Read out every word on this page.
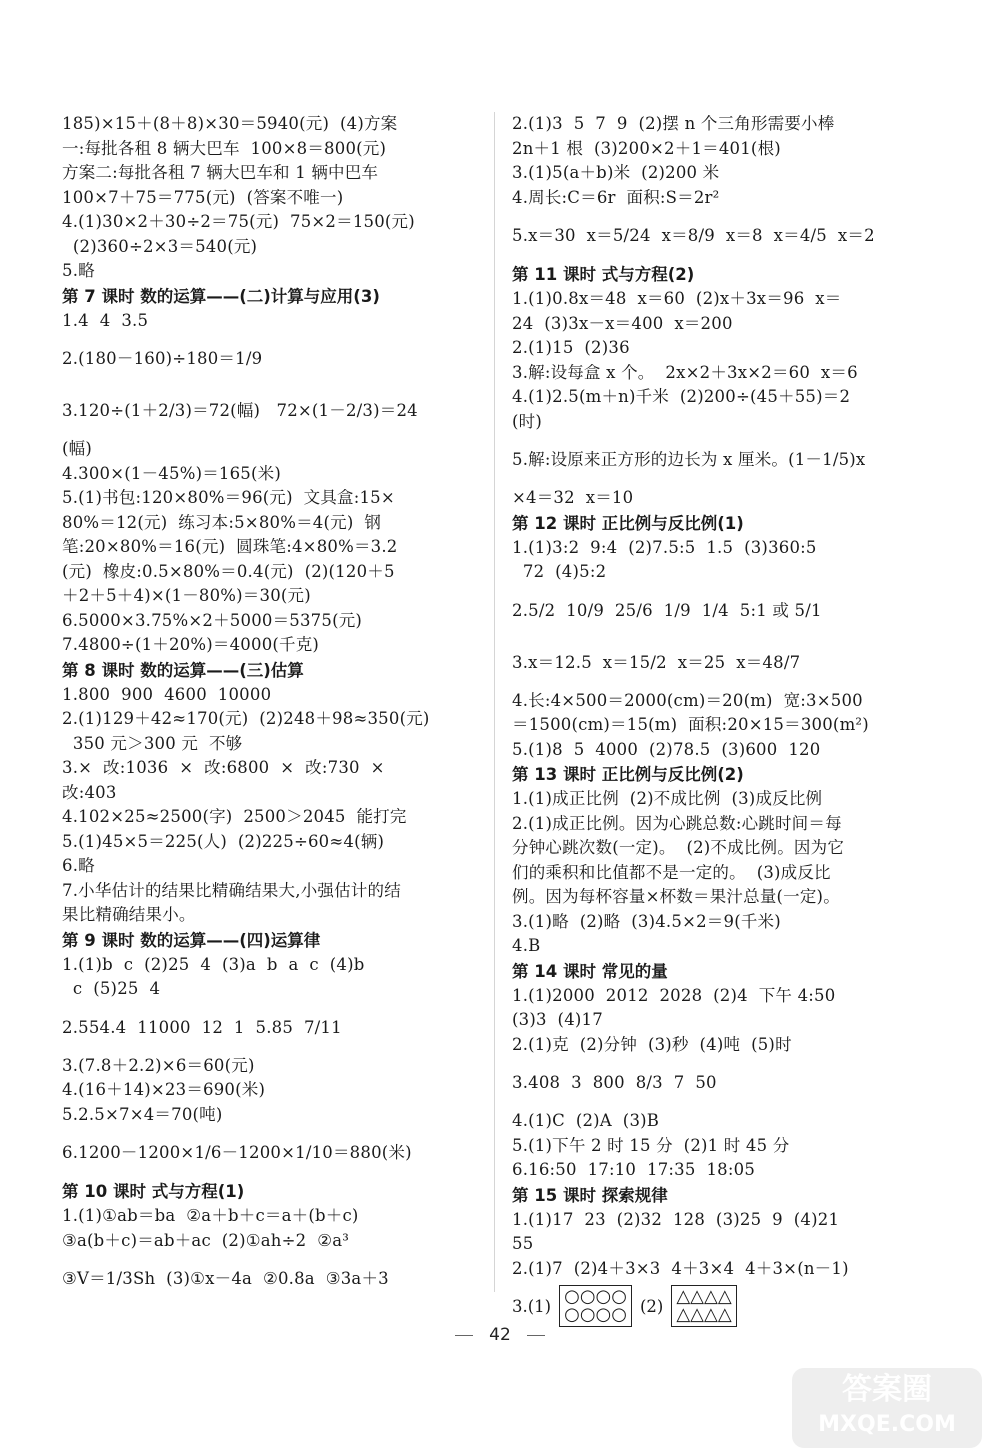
185)×15＋(8＋8)×30＝5940(元)  (4)方案
一:每批各租 8 辆大巴车  100×8＝800(元)
方案二:每批各租 7 辆大巴车和 1 辆中巴车
100×7＋75＝775(元)  (答案不唯一)
4.(1)30×2＋30÷2＝75(元)  75×2＝150(元)
(2)360÷2×3＝540(元)
5.略
第 7 课时 数的运算——(二)计算与应用(3)
1.4  4  3.5
2.(180－160)÷180＝1/9
3.120÷(1＋2/3)＝72(幅)   72×(1－2/3)＝24
(幅)
4.300×(1－45%)＝165(米)
5.(1)书包:120×80%＝96(元)  文具盒:15×
80%＝12(元)  练习本:5×80%＝4(元)  钢
笔:20×80%＝16(元)  圆珠笔:4×80%＝3.2
(元)  橡皮:0.5×80%＝0.4(元)  (2)(120＋5
＋2＋5＋4)×(1－80%)＝30(元)
6.5000×3.75%×2＋5000＝5375(元)
7.4800÷(1＋20%)＝4000(千克)
第 8 课时 数的运算——(三)估算
1.800  900  4600  10000
2.(1)129＋42≈170(元)  (2)248＋98≈350(元)
350 元＞300 元  不够
3.×  改:1036  ×  改:6800  ×  改:730  ×
改:403
4.102×25≈2500(字)  2500＞2045  能打完
5.(1)45×5＝225(人)  (2)225÷60≈4(辆)
6.略
7.小华估计的结果比精确结果大,小强估计的结
果比精确结果小。
第 9 课时 数的运算——(四)运算律
1.(1)b  c  (2)25  4  (3)a  b  a  c  (4)b
c  (5)25  4
2.554.4  11000  12  1  5.85  7/11
3.(7.8＋2.2)×6＝60(元)
4.(16＋14)×23＝690(米)
5.2.5×7×4＝70(吨)
6.1200－1200×1/6－1200×1/10＝880(米)
第 10 课时 式与方程(1)
1.(1)①ab＝ba  ②a＋b＋c＝a＋(b＋c)
③a(b＋c)＝ab＋ac  (2)①ah÷2  ②a³
③V＝1/3Sh  (3)①x－4a  ②0.8a  ③3a＋3
2.(1)3  5  7  9  (2)摆 n 个三角形需要小棒
2n＋1 根  (3)200×2＋1＝401(根)
3.(1)5(a＋b)米  (2)200 米
4.周长:C＝6r  面积:S＝2r²
5.x＝30  x＝5/24  x＝8/9  x＝8  x＝4/5  x＝2
第 11 课时 式与方程(2)
1.(1)0.8x＝48  x＝60  (2)x＋3x＝96  x＝
24  (3)3x－x＝400  x＝200
2.(1)15  (2)36
3.解:设每盒 x 个。  2x×2＋3x×2＝60  x＝6
4.(1)2.5(m＋n)千米  (2)200÷(45＋55)＝2
(时)
5.解:设原来正方形的边长为 x 厘米。(1－1/5)x
×4＝32  x＝10
第 12 课时 正比例与反比例(1)
1.(1)3:2  9:4  (2)7.5:5  1.5  (3)360:5
72  (4)5:2
2.5/2  10/9  25/6  1/9  1/4  5:1 或 5/1
3.x＝12.5  x＝15/2  x＝25  x＝48/7
4.长:4×500＝2000(cm)＝20(m)  宽:3×500
＝1500(cm)＝15(m)  面积:20×15＝300(m²)
5.(1)8  5  4000  (2)78.5  (3)600  120
第 13 课时 正比例与反比例(2)
1.(1)成正比例  (2)不成比例  (3)成反比例
2.(1)成正比例。因为心跳总数:心跳时间＝每
分钟心跳次数(一定)。  (2)不成比例。因为它
们的乘积和比值都不是一定的。  (3)成反比
例。因为每杯容量×杯数＝果汁总量(一定)。
3.(1)略  (2)略  (3)4.5×2＝9(千米)
4.B
第 14 课时 常见的量
1.(1)2000  2012  2028  (2)4  下午 4:50
(3)3  (4)17
2.(1)克  (2)分钟  (3)秒  (4)吨  (5)时
3.408  3  800  8/3  7  50
4.(1)C  (2)A  (3)B
5.(1)下午 2 时 15 分  (2)1 时 45 分
6.16:50  17:10  17:35  18:05
第 15 课时 探索规律
1.(1)17  23  (2)32  128  (3)25  9  (4)21
55
2.(1)7  (2)4＋3×3  4＋3×4  4＋3×(n－1)
3.(1) ○○○○
○○○○ (2) △△△△
△△△△
42
答案圈
MXQE.COM
